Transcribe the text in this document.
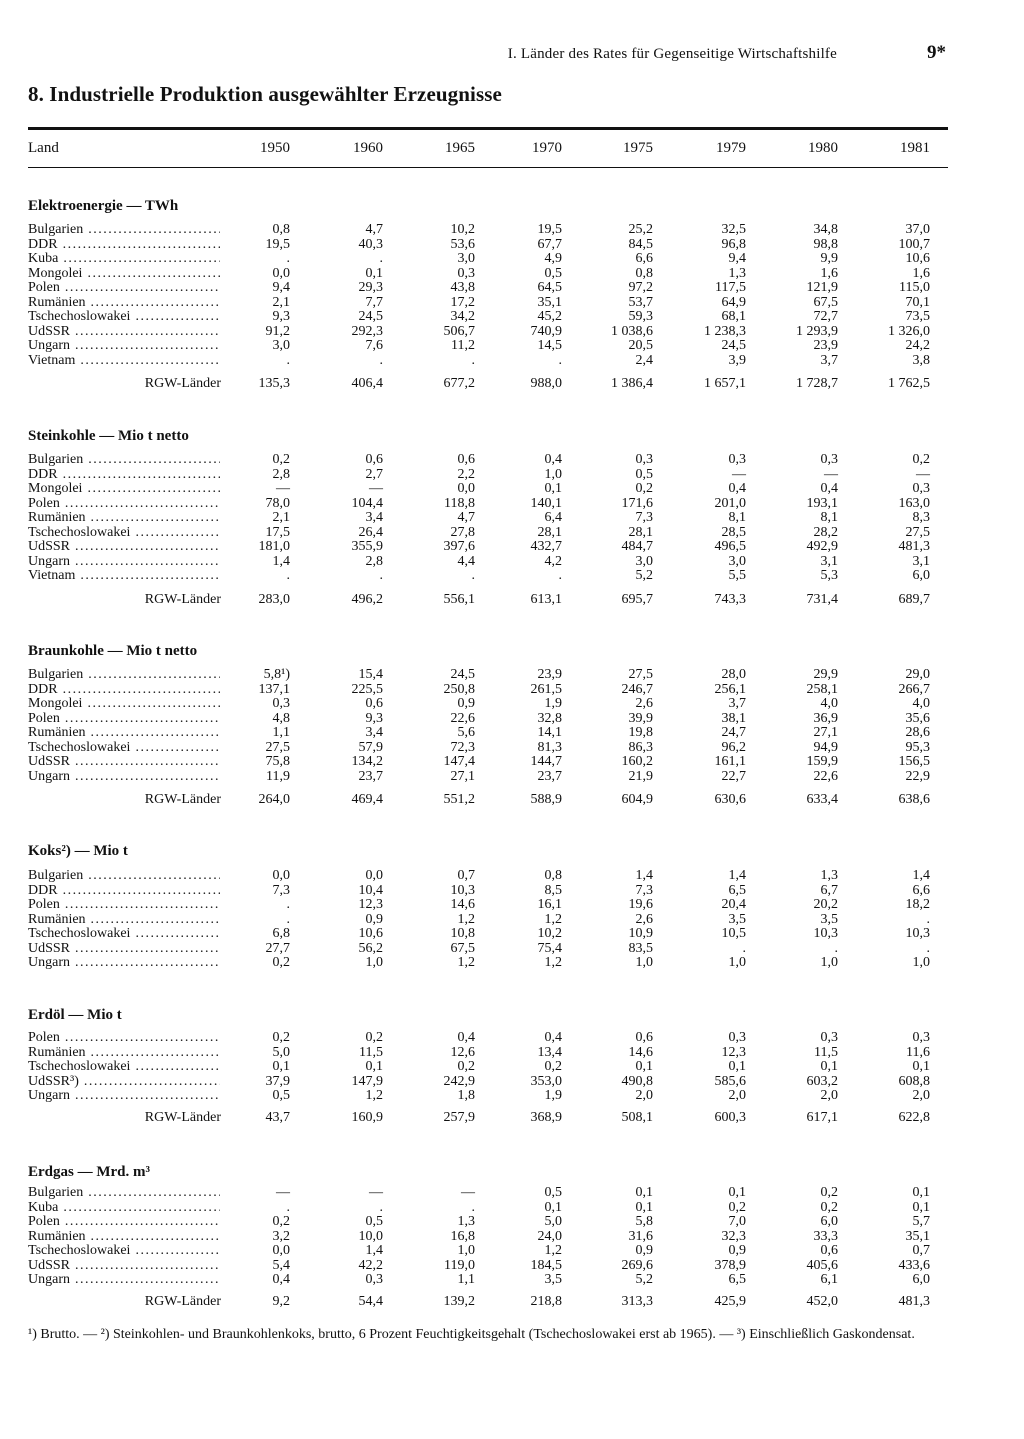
I. Länder des Rates für Gegenseitige Wirtschaftshilfe	9*
8. Industrielle Produktion ausgewählter Erzeugnisse
Land	1950	1960	1965	1970	1975	1979	1980	1981
Elektroenergie — TWh
Bulgarien .....	0,8	4,7	10,2	19,5	25,2	32,5	34,8	37,0
DDR .....	19,5	40,3	53,6	67,7	84,5	96,8	98,8	100,7
Kuba .....	.	.	3,0	4,9	6,6	9,4	9,9	10,6
Mongolei .....	0,0	0,1	0,3	0,5	0,8	1,3	1,6	1,6
Polen .....	9,4	29,3	43,8	64,5	97,2	117,5	121,9	115,0
Rumänien .....	2,1	7,7	17,2	35,1	53,7	64,9	67,5	70,1
Tschechoslowakei .....	9,3	24,5	34,2	45,2	59,3	68,1	72,7	73,5
UdSSR .....	91,2	292,3	506,7	740,9	1 038,6	1 238,3	1 293,9	1 326,0
Ungarn .....	3,0	7,6	11,2	14,5	20,5	24,5	23,9	24,2
Vietnam .....	.	.	.	.	2,4	3,9	3,7	3,8
RGW-Länder	135,3	406,4	677,2	988,0	1 386,4	1 657,1	1 728,7	1 762,5
Steinkohle — Mio t netto
Bulgarien .....	0,2	0,6	0,6	0,4	0,3	0,3	0,3	0,2
DDR .....	2,8	2,7	2,2	1,0	0,5	—	—	—
Mongolei .....	—	—	0,0	0,1	0,2	0,4	0,4	0,3
Polen .....	78,0	104,4	118,8	140,1	171,6	201,0	193,1	163,0
Rumänien .....	2,1	3,4	4,7	6,4	7,3	8,1	8,1	8,3
Tschechoslowakei .....	17,5	26,4	27,8	28,1	28,1	28,5	28,2	27,5
UdSSR .....	181,0	355,9	397,6	432,7	484,7	496,5	492,9	481,3
Ungarn .....	1,4	2,8	4,4	4,2	3,0	3,0	3,1	3,1
Vietnam .....	.	.	.	.	5,2	5,5	5,3	6,0
RGW-Länder	283,0	496,2	556,1	613,1	695,7	743,3	731,4	689,7
Braunkohle — Mio t netto
Bulgarien .....	5,8¹)	15,4	24,5	23,9	27,5	28,0	29,9	29,0
DDR .....	137,1	225,5	250,8	261,5	246,7	256,1	258,1	266,7
Mongolei .....	0,3	0,6	0,9	1,9	2,6	3,7	4,0	4,0
Polen .....	4,8	9,3	22,6	32,8	39,9	38,1	36,9	35,6
Rumänien .....	1,1	3,4	5,6	14,1	19,8	24,7	27,1	28,6
Tschechoslowakei .....	27,5	57,9	72,3	81,3	86,3	96,2	94,9	95,3
UdSSR .....	75,8	134,2	147,4	144,7	160,2	161,1	159,9	156,5
Ungarn .....	11,9	23,7	27,1	23,7	21,9	22,7	22,6	22,9
RGW-Länder	264,0	469,4	551,2	588,9	604,9	630,6	633,4	638,6
Koks²) — Mio t
Bulgarien .....	0,0	0,0	0,7	0,8	1,4	1,4	1,3	1,4
DDR .....	7,3	10,4	10,3	8,5	7,3	6,5	6,7	6,6
Polen .....	.	12,3	14,6	16,1	19,6	20,4	20,2	18,2
Rumänien .....	.	0,9	1,2	1,2	2,6	3,5	3,5	.
Tschechoslowakei .....	6,8	10,6	10,8	10,2	10,9	10,5	10,3	10,3
UdSSR .....	27,7	56,2	67,5	75,4	83,5	.	.	.
Ungarn .....	0,2	1,0	1,2	1,2	1,0	1,0	1,0	1,0
Erdöl — Mio t
Polen .....	0,2	0,2	0,4	0,4	0,6	0,3	0,3	0,3
Rumänien .....	5,0	11,5	12,6	13,4	14,6	12,3	11,5	11,6
Tschechoslowakei .....	0,1	0,1	0,2	0,2	0,1	0,1	0,1	0,1
UdSSR³) .....	37,9	147,9	242,9	353,0	490,8	585,6	603,2	608,8
Ungarn .....	0,5	1,2	1,8	1,9	2,0	2,0	2,0	2,0
RGW-Länder	43,7	160,9	257,9	368,9	508,1	600,3	617,1	622,8
Erdgas — Mrd. m³
Bulgarien .....	—	—	—	0,5	0,1	0,1	0,2	0,1
Kuba .....	.	.	.	0,1	0,1	0,2	0,2	0,1
Polen .....	0,2	0,5	1,3	5,0	5,8	7,0	6,0	5,7
Rumänien .....	3,2	10,0	16,8	24,0	31,6	32,3	33,3	35,1
Tschechoslowakei .....	0,0	1,4	1,0	1,2	0,9	0,9	0,6	0,7
UdSSR .....	5,4	42,2	119,0	184,5	269,6	378,9	405,6	433,6
Ungarn .....	0,4	0,3	1,1	3,5	5,2	6,5	6,1	6,0
RGW-Länder	9,2	54,4	139,2	218,8	313,3	425,9	452,0	481,3
¹) Brutto. — ²) Steinkohlen- und Braunkohlenkoks, brutto, 6 Prozent Feuchtigkeitsgehalt (Tschechoslowakei erst ab 1965). — ³) Einschließlich Gaskondensat.
